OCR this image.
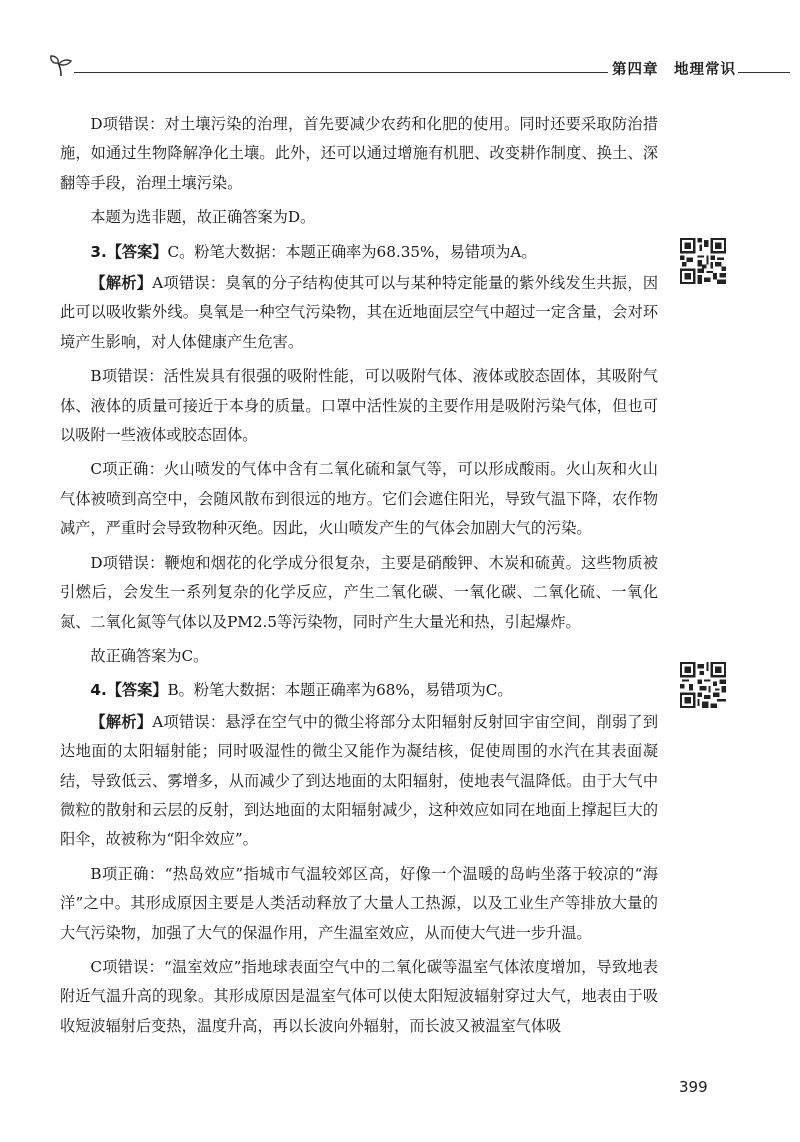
第四章　地理常识

D项错误：对土壤污染的治理，首先要减少农药和化肥的使用。同时还要采取防治措施，如通过生物降解净化土壤。此外，还可以通过增施有机肥、改变耕作制度、换土、深翻等手段，治理土壤污染。

本题为选非题，故正确答案为D。

3.【答案】C。粉笔大数据：本题正确率为68.35%，易错项为A。

【解析】A项错误：臭氧的分子结构使其可以与某种特定能量的紫外线发生共振，因此可以吸收紫外线。臭氧是一种空气污染物，其在近地面层空气中超过一定含量，会对环境产生影响，对人体健康产生危害。

B项错误：活性炭具有很强的吸附性能，可以吸附气体、液体或胶态固体，其吸附气体、液体的质量可接近于本身的质量。口罩中活性炭的主要作用是吸附污染气体，但也可以吸附一些液体或胶态固体。

C项正确：火山喷发的气体中含有二氧化硫和氯气等，可以形成酸雨。火山灰和火山气体被喷到高空中，会随风散布到很远的地方。它们会遮住阳光，导致气温下降，农作物减产，严重时会导致物种灭绝。因此，火山喷发产生的气体会加剧大气的污染。

D项错误：鞭炮和烟花的化学成分很复杂，主要是硝酸钾、木炭和硫黄。这些物质被引燃后，会发生一系列复杂的化学反应，产生二氧化碳、一氧化碳、二氧化硫、一氧化氮、二氧化氮等气体以及PM2.5等污染物，同时产生大量光和热，引起爆炸。

故正确答案为C。

4.【答案】B。粉笔大数据：本题正确率为68%，易错项为C。

【解析】A项错误：悬浮在空气中的微尘将部分太阳辐射反射回宇宙空间，削弱了到达地面的太阳辐射能；同时吸湿性的微尘又能作为凝结核，促使周围的水汽在其表面凝结，导致低云、雾增多，从而减少了到达地面的太阳辐射，使地表气温降低。由于大气中微粒的散射和云层的反射，到达地面的太阳辐射减少，这种效应如同在地面上撑起巨大的阳伞，故被称为“阳伞效应”。

B项正确：“热岛效应”指城市气温较郊区高，好像一个温暖的岛屿坐落于较凉的“海洋”之中。其形成原因主要是人类活动释放了大量人工热源，以及工业生产等排放大量的大气污染物，加强了大气的保温作用，产生温室效应，从而使大气进一步升温。

C项错误：“温室效应”指地球表面空气中的二氧化碳等温室气体浓度增加，导致地表附近气温升高的现象。其形成原因是温室气体可以使太阳短波辐射穿过大气，地表由于吸收短波辐射后变热，温度升高，再以长波向外辐射，而长波又被温室气体吸

399
